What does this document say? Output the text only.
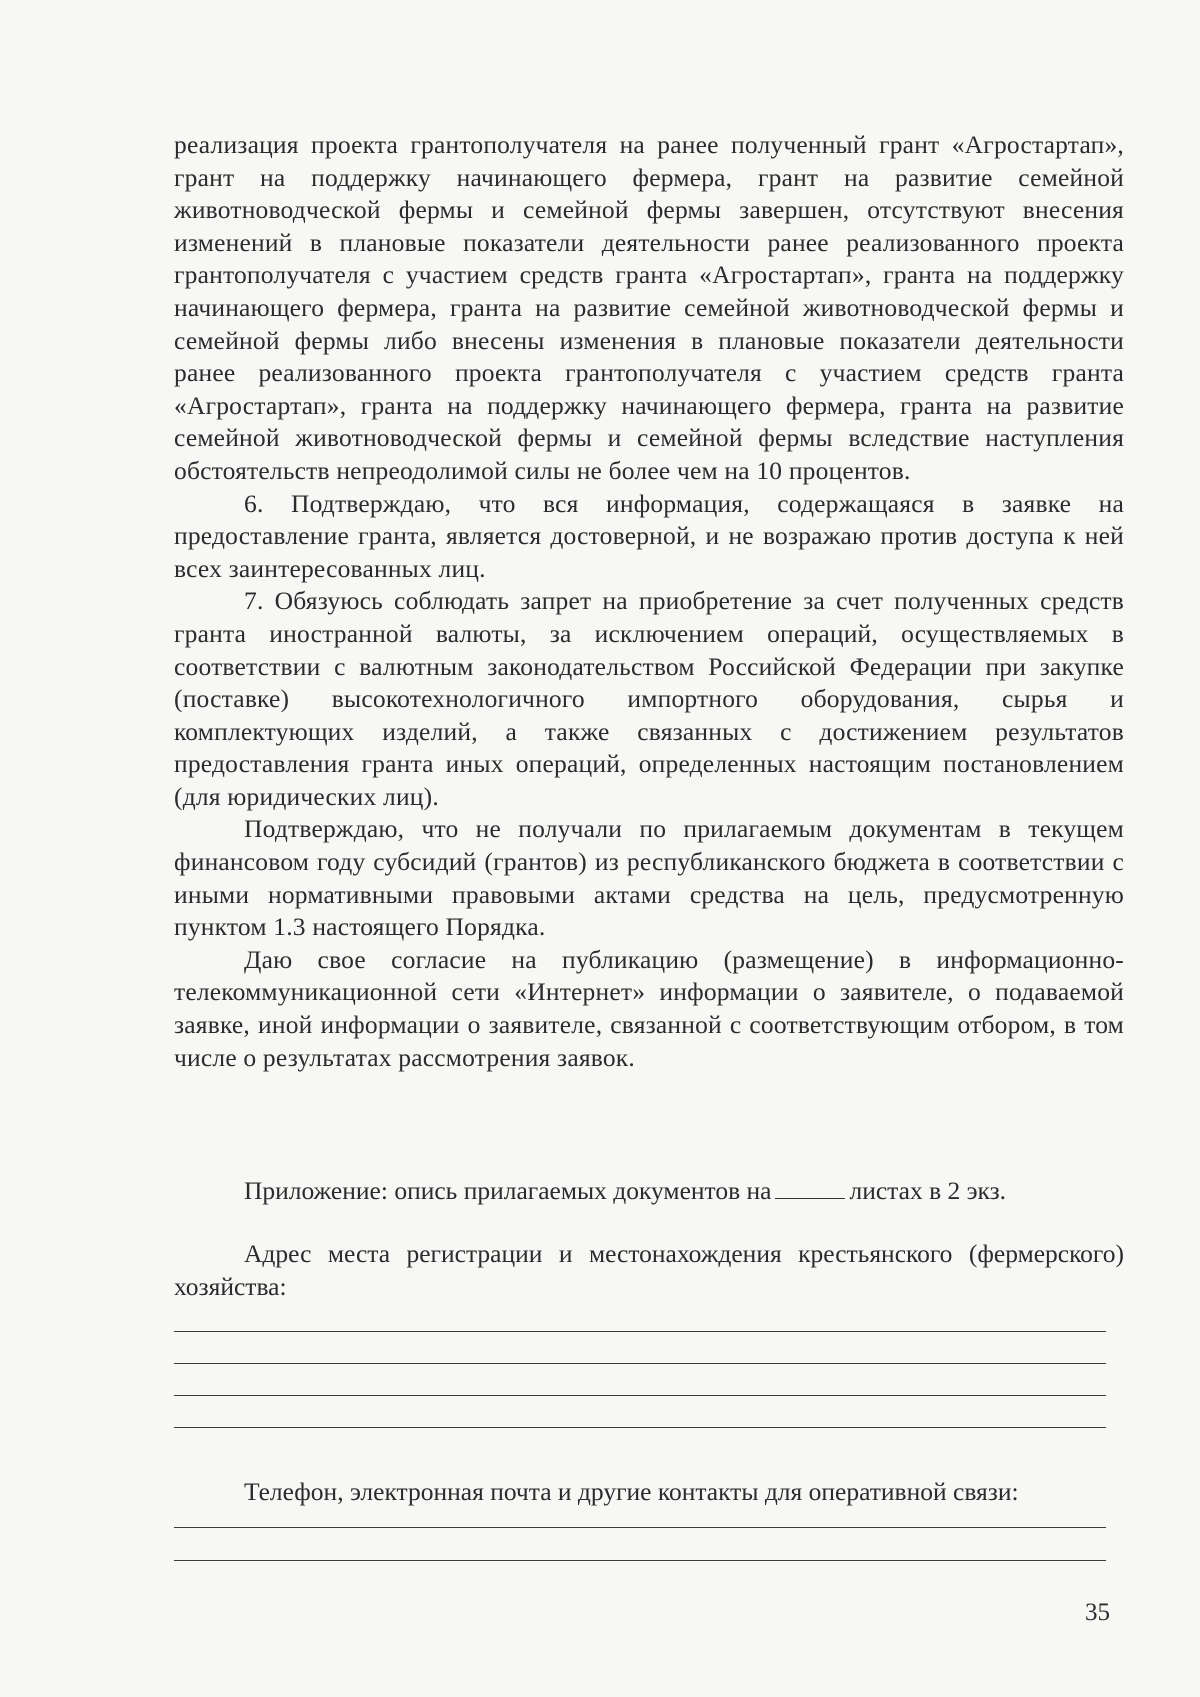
реализация проекта грантополучателя на ранее полученный грант «Агростартап», грант на поддержку начинающего фермера, грант на развитие семейной животноводческой фермы и семейной фермы завершен, отсутствуют внесения изменений в плановые показатели деятельности ранее реализованного проекта грантополучателя с участием средств гранта «Агростартап», гранта на поддержку начинающего фермера, гранта на развитие семейной животноводческой фермы и семейной фермы либо внесены изменения в плановые показатели деятельности ранее реализованного проекта грантополучателя с участием средств гранта «Агростартап», гранта на поддержку начинающего фермера, гранта на развитие семейной животноводческой фермы и семейной фермы вследствие наступления обстоятельств непреодолимой силы не более чем на 10 процентов.

6. Подтверждаю, что вся информация, содержащаяся в заявке на предоставление гранта, является достоверной, и не возражаю против доступа к ней всех заинтересованных лиц.

7. Обязуюсь соблюдать запрет на приобретение за счет полученных средств гранта иностранной валюты, за исключением операций, осуществляемых в соответствии с валютным законодательством Российской Федерации при закупке (поставке) высокотехнологичного импортного оборудования, сырья и комплектующих изделий, а также связанных с достижением результатов предоставления гранта иных операций, определенных настоящим постановлением (для юридических лиц).

Подтверждаю, что не получали по прилагаемым документам в текущем финансовом году субсидий (грантов) из республиканского бюджета в соответствии с иными нормативными правовыми актами средства на цель, предусмотренную пунктом 1.3 настоящего Порядка.

Даю свое согласие на публикацию (размещение) в информационно-телекоммуникационной сети «Интернет» информации о заявителе, о подаваемой заявке, иной информации о заявителе, связанной с соответствующим отбором, в том числе о результатах рассмотрения заявок.

Приложение: опись прилагаемых документов на	листах в 2 экз.

Адрес места регистрации и местонахождения крестьянского (фермерского) хозяйства:

Телефон, электронная почта и другие контакты для оперативной связи:
35
